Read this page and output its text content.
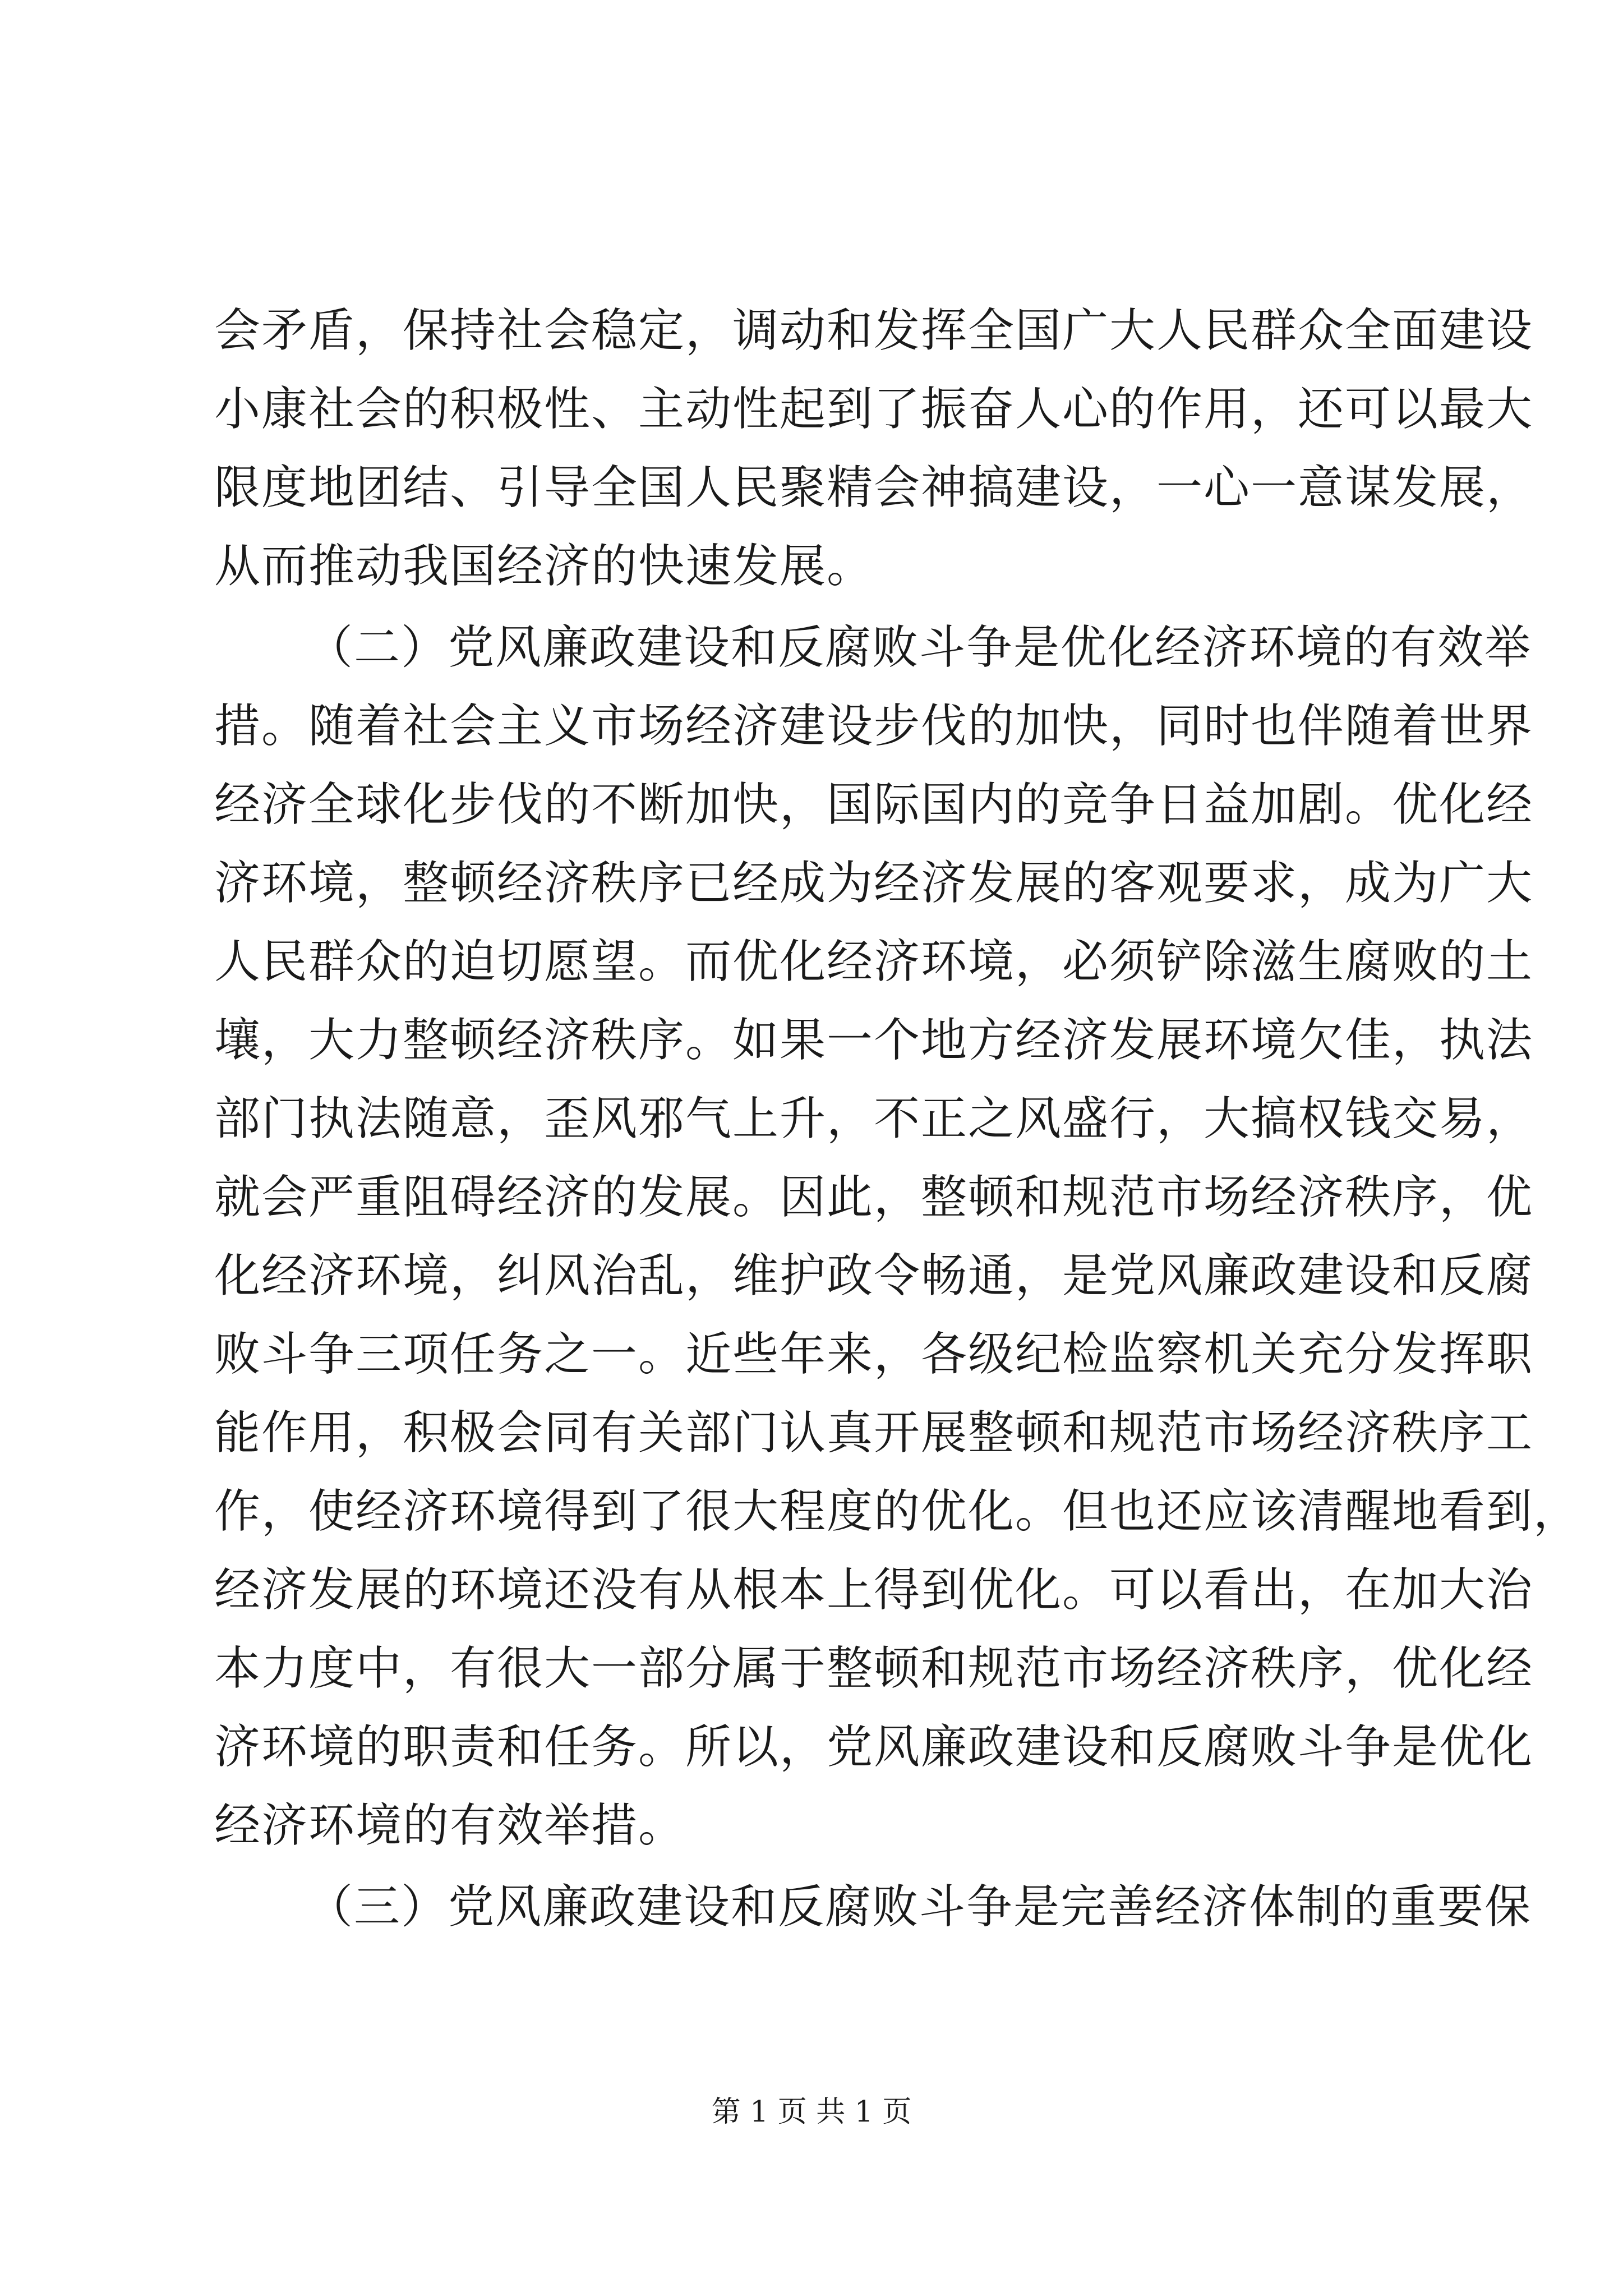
会矛盾，保持社会稳定，调动和发挥全国广大人民群众全面建设
小康社会的积极性、主动性起到了振奋人心的作用，还可以最大
限度地团结、引导全国人民聚精会神搞建设，一心一意谋发展，
从而推动我国经济的快速发展。
（二）党风廉政建设和反腐败斗争是优化经济环境的有效举
措。随着社会主义市场经济建设步伐的加快，同时也伴随着世界
经济全球化步伐的不断加快，国际国内的竞争日益加剧。优化经
济环境，整顿经济秩序已经成为经济发展的客观要求，成为广大
人民群众的迫切愿望。而优化经济环境，必须铲除滋生腐败的土
壤，大力整顿经济秩序。如果一个地方经济发展环境欠佳，执法
部门执法随意，歪风邪气上升，不正之风盛行，大搞权钱交易，
就会严重阻碍经济的发展。因此，整顿和规范市场经济秩序，优
化经济环境，纠风治乱，维护政令畅通，是党风廉政建设和反腐
败斗争三项任务之一。近些年来，各级纪检监察机关充分发挥职
能作用，积极会同有关部门认真开展整顿和规范市场经济秩序工
作，使经济环境得到了很大程度的优化。但也还应该清醒地看到，
经济发展的环境还没有从根本上得到优化。可以看出，在加大治
本力度中，有很大一部分属于整顿和规范市场经济秩序，优化经
济环境的职责和任务。所以，党风廉政建设和反腐败斗争是优化
经济环境的有效举措。
（三）党风廉政建设和反腐败斗争是完善经济体制的重要保
第 1 页 共 1 页
